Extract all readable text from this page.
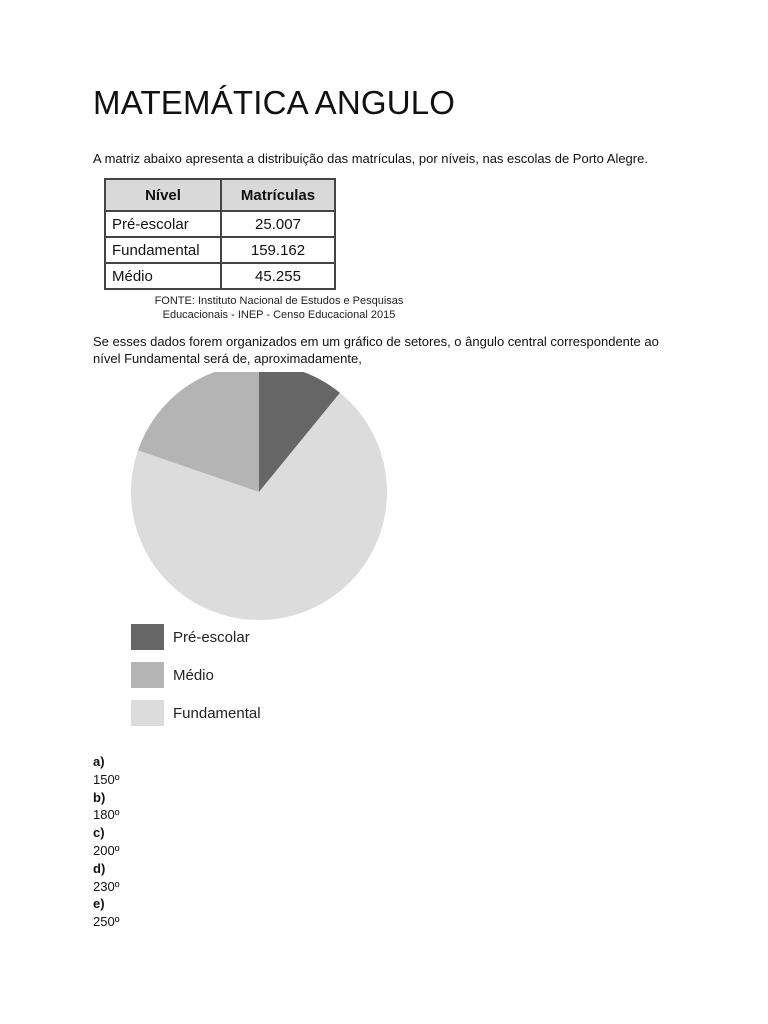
MATEMÁTICA ANGULO

A matriz abaixo apresenta a distribuição das matrículas, por níveis, nas escolas de Porto Alegre.

Nível	Matrículas
Pré-escolar	25.007
Fundamental	159.162
Médio	45.255
FONTE: Instituto Nacional de Estudos e Pesquisas
Educacionais - INEP - Censo Educacional 2015

Se esses dados forem organizados em um gráfico de setores, o ângulo central correspondente ao nível Fundamental será de, aproximadamente,

Pré-escolar
Médio
Fundamental
a)
150º
b)
180º
c)
200º
d)
230º
e)
250º
